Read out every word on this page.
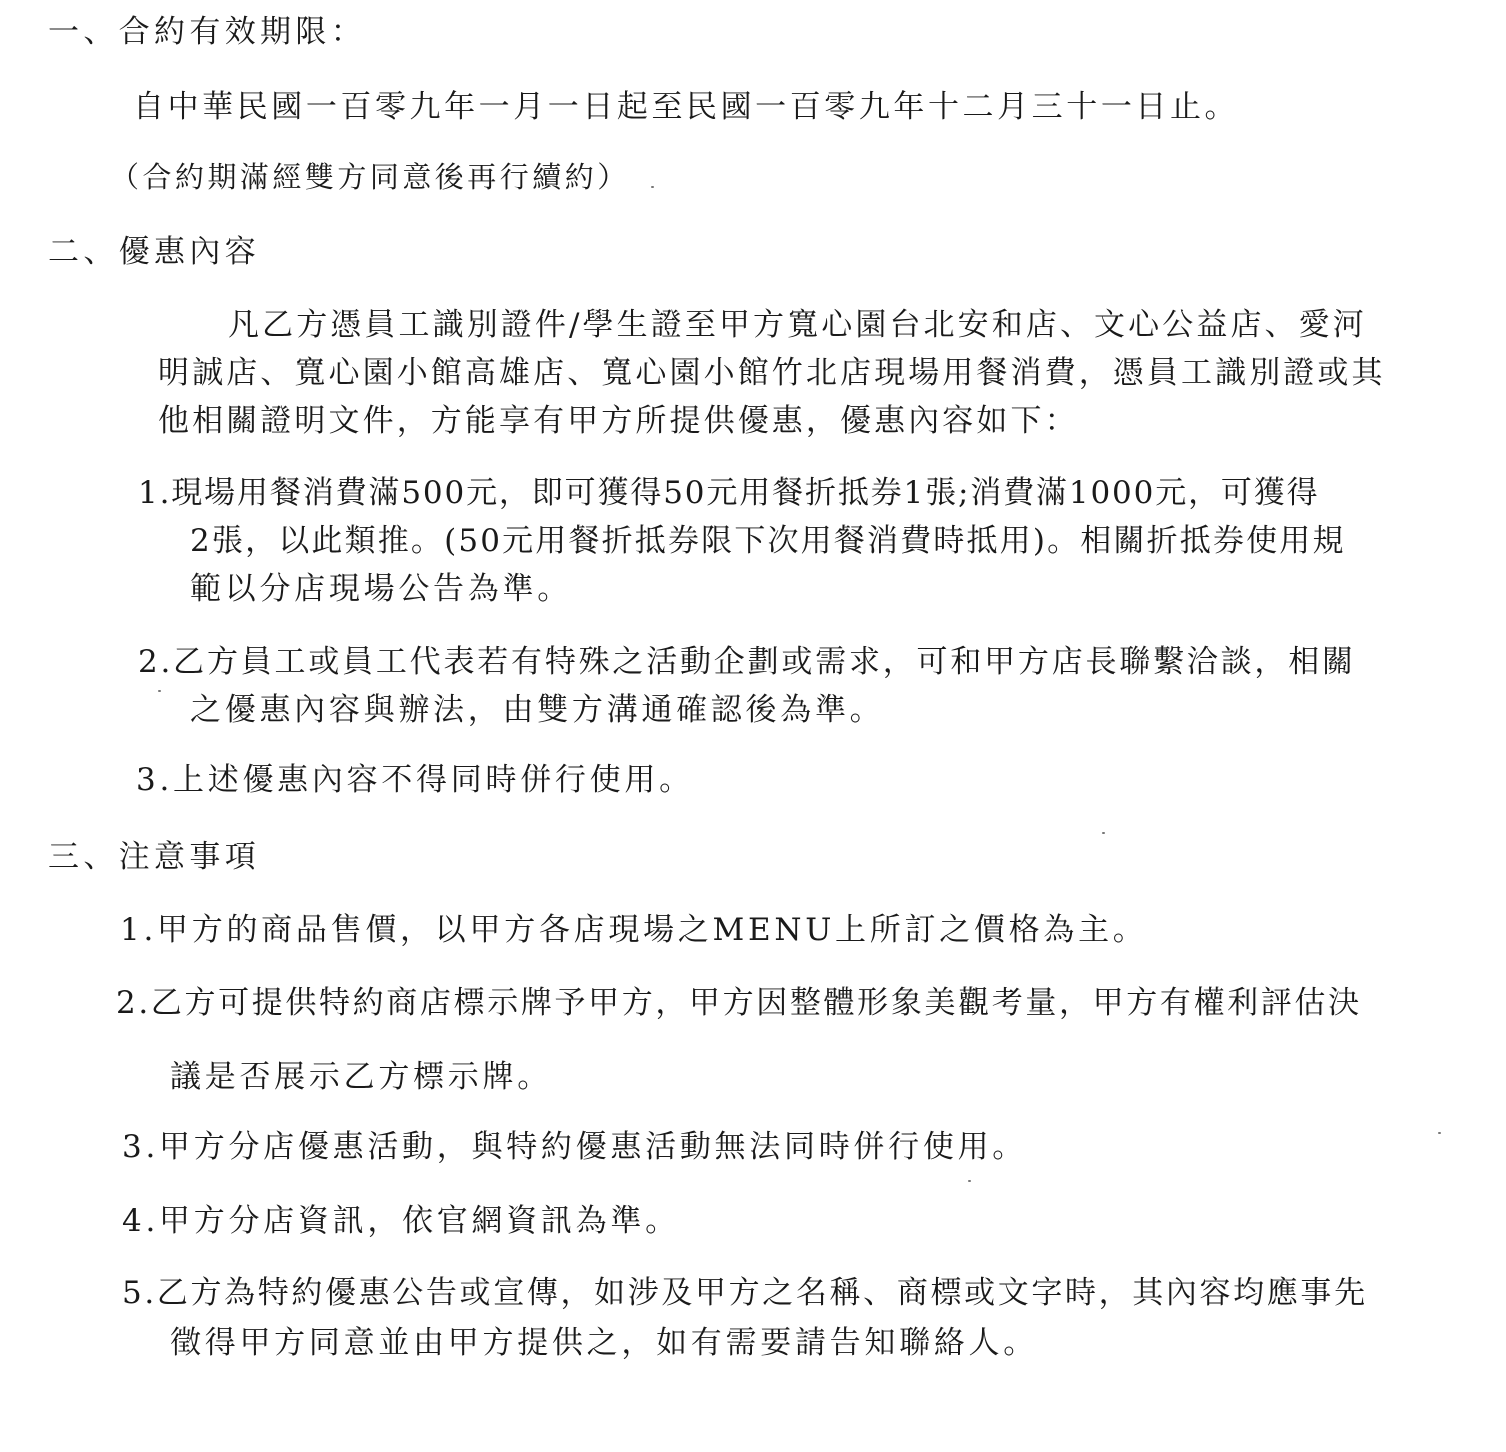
一、合約有效期限：
自中華民國一百零九年一月一日起至民國一百零九年十二月三十一日止。
（合約期滿經雙方同意後再行續約）
二、優惠內容
凡乙方憑員工識別證件/學生證至甲方寬心園台北安和店、文心公益店、愛河
明誠店、寬心園小館高雄店、寬心園小館竹北店現場用餐消費，憑員工識別證或其
他相關證明文件，方能享有甲方所提供優惠，優惠內容如下：
1.現場用餐消費滿500元，即可獲得50元用餐折抵券1張;消費滿1000元，可獲得
2張，以此類推。(50元用餐折抵券限下次用餐消費時抵用)。相關折抵券使用規
範以分店現場公告為準。
2.乙方員工或員工代表若有特殊之活動企劃或需求，可和甲方店長聯繫洽談，相關
之優惠內容與辦法，由雙方溝通確認後為準。
3.上述優惠內容不得同時併行使用。
三、注意事項
1.甲方的商品售價，以甲方各店現場之MENU上所訂之價格為主。
2.乙方可提供特約商店標示牌予甲方，甲方因整體形象美觀考量，甲方有權利評估決
議是否展示乙方標示牌。
3.甲方分店優惠活動，與特約優惠活動無法同時併行使用。
4.甲方分店資訊，依官網資訊為準。
5.乙方為特約優惠公告或宣傳，如涉及甲方之名稱、商標或文字時，其內容均應事先
徵得甲方同意並由甲方提供之，如有需要請告知聯絡人。
